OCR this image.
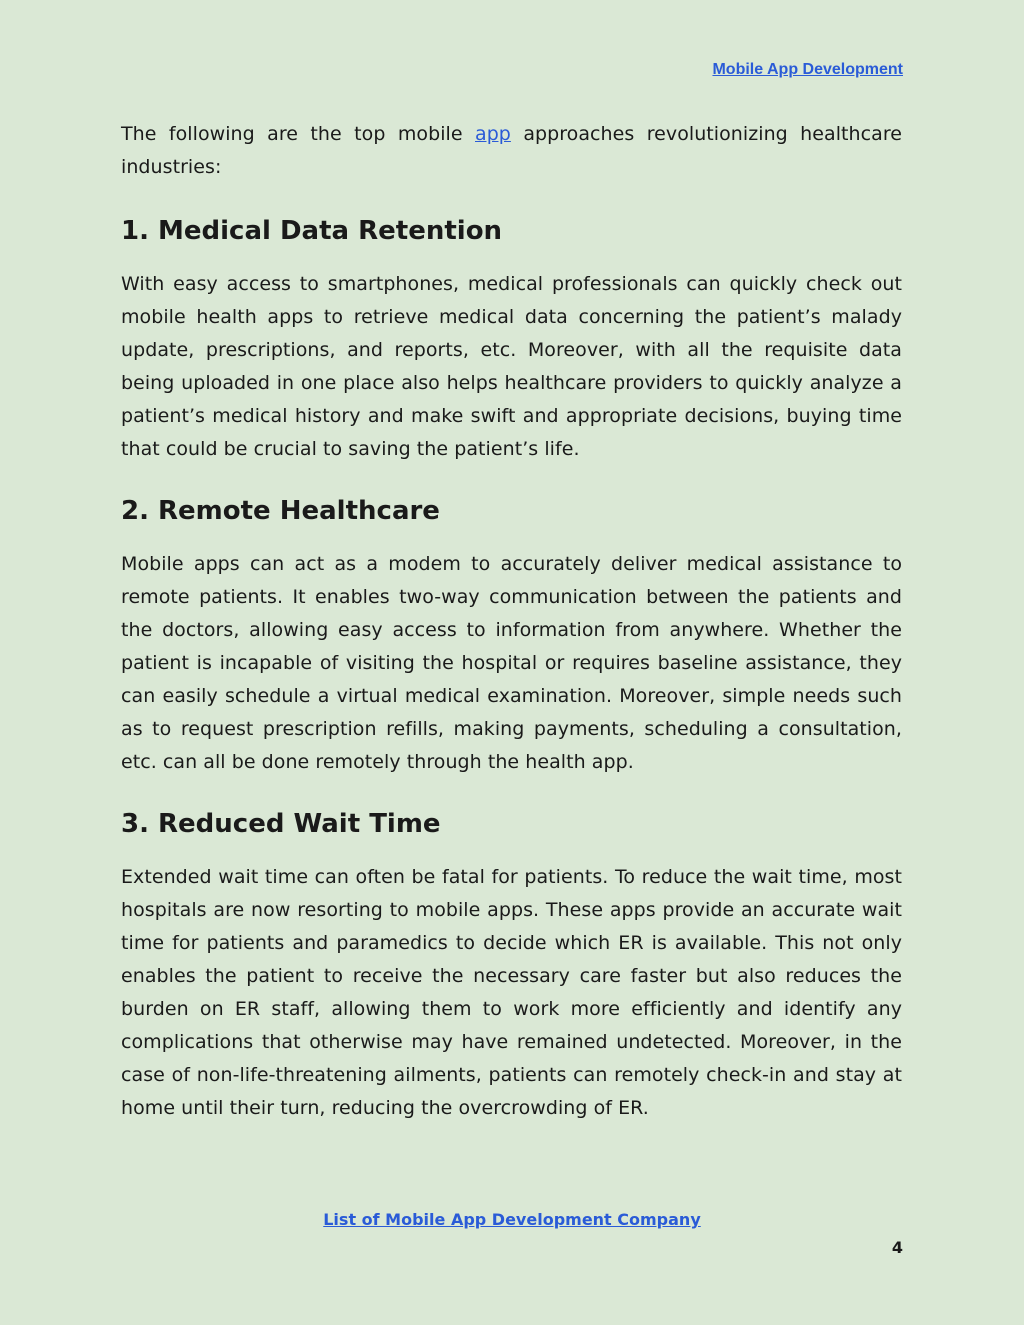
Mobile App Development

The following are the top mobile app approaches revolutionizing healthcare industries:

1. Medical Data Retention

With easy access to smartphones, medical professionals can quickly check out mobile health apps to retrieve medical data concerning the patient’s malady update, prescriptions, and reports, etc. Moreover, with all the requisite data being uploaded in one place also helps healthcare providers to quickly analyze a patient’s medical history and make swift and appropriate decisions, buying time that could be crucial to saving the patient’s life.

2. Remote Healthcare

Mobile apps can act as a modem to accurately deliver medical assistance to remote patients. It enables two-way communication between the patients and the doctors, allowing easy access to information from anywhere. Whether the patient is incapable of visiting the hospital or requires baseline assistance, they can easily schedule a virtual medical examination. Moreover, simple needs such as to request prescription refills, making payments, scheduling a consultation, etc. can all be done remotely through the health app.

3. Reduced Wait Time

Extended wait time can often be fatal for patients. To reduce the wait time, most hospitals are now resorting to mobile apps. These apps provide an accurate wait time for patients and paramedics to decide which ER is available. This not only enables the patient to receive the necessary care faster but also reduces the burden on ER staff, allowing them to work more efficiently and identify any complications that otherwise may have remained undetected. Moreover, in the case of non-life-threatening ailments, patients can remotely check-in and stay at home until their turn, reducing the overcrowding of ER.

List of Mobile App Development Company
4
